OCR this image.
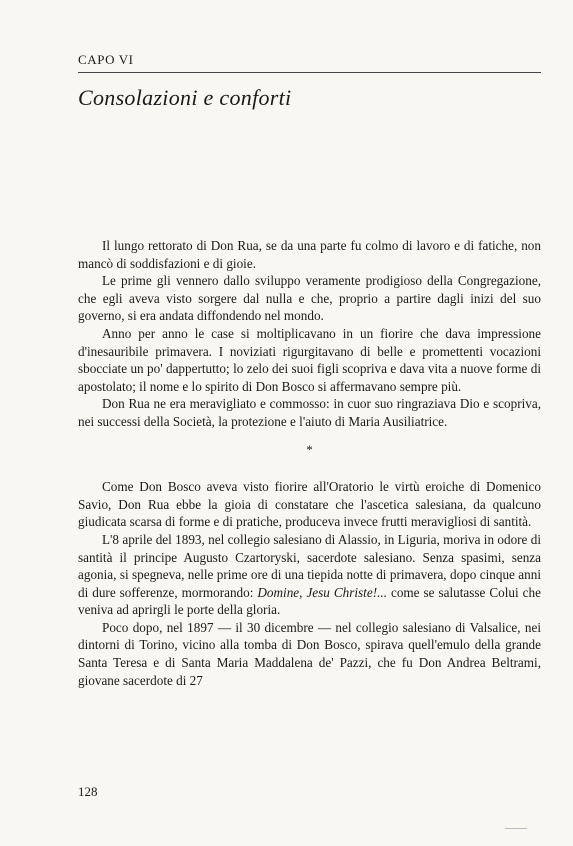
CAPO VI
Consolazioni e conforti

Il lungo rettorato di Don Rua, se da una parte fu colmo di lavoro e di fatiche, non mancò di soddisfazioni e di gioie.

Le prime gli vennero dallo sviluppo veramente prodigioso della Congregazione, che egli aveva visto sorgere dal nulla e che, proprio a partire dagli inizi del suo governo, si era andata diffondendo nel mondo.

Anno per anno le case si moltiplicavano in un fiorire che dava impressione d'inesauribile primavera. I noviziati rigurgitavano di belle e promettenti vocazioni sbocciate un po' dappertutto; lo zelo dei suoi figli scopriva e dava vita a nuove forme di apostolato; il nome e lo spirito di Don Bosco si affermavano sempre più.

Don Rua ne era meravigliato e commosso: in cuor suo ringraziava Dio e scopriva, nei successi della Società, la protezione e l'aiuto di Maria Ausiliatrice.

*

Come Don Bosco aveva visto fiorire all'Oratorio le virtù eroiche di Domenico Savio, Don Rua ebbe la gioia di constatare che l'ascetica salesiana, da qualcuno giudicata scarsa di forme e di pratiche, produceva invece frutti meravigliosi di santità.

L'8 aprile del 1893, nel collegio salesiano di Alassio, in Liguria, moriva in odore di santità il principe Augusto Czartoryski, sacerdote salesiano. Senza spasimi, senza agonia, si spegneva, nelle prime ore di una tiepida notte di primavera, dopo cinque anni di dure sofferenze, mormorando: Domine, Jesu Christe!... come se salutasse Colui che veniva ad aprirgli le porte della gloria.

Poco dopo, nel 1897 — il 30 dicembre — nel collegio salesiano di Valsalice, nei dintorni di Torino, vicino alla tomba di Don Bosco, spirava quell'emulo della grande Santa Teresa e di Santa Maria Maddalena de' Pazzi, che fu Don Andrea Beltrami, giovane sacerdote di 27

128
